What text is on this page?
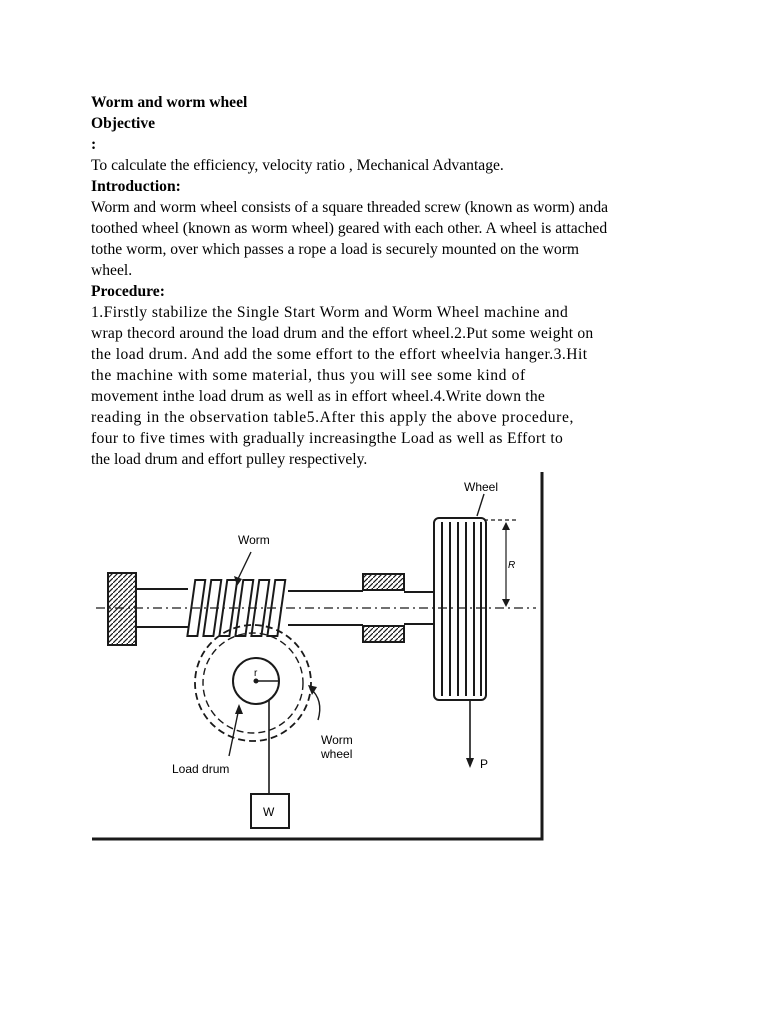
Worm and worm wheel
Objective
:
To calculate the efficiency, velocity ratio , Mechanical Advantage.
Introduction:
Worm and worm wheel consists of a square threaded screw (known as worm) anda
toothed wheel (known as worm wheel) geared with each other. A wheel is attached
tothe worm, over which passes a rope a load is securely mounted on the worm
wheel.
Procedure:
1.Firstly stabilize the Single Start Worm and Worm Wheel machine and
wrap thecord around the load drum and the effort wheel.2.Put some weight on
the load drum. And add the some effort to the effort wheelvia hanger.3.Hit
the machine with some material, thus you will see some kind of
movement inthe load drum as well as in effort wheel.4.Write down the
reading in the observation table5.After this apply the above procedure,
four to five times with gradually increasingthe Load as well as Effort to
the load drum and effort pulley respectively.
Wheel
Worm
r
R
Worm
wheel
Load drum
W
P
